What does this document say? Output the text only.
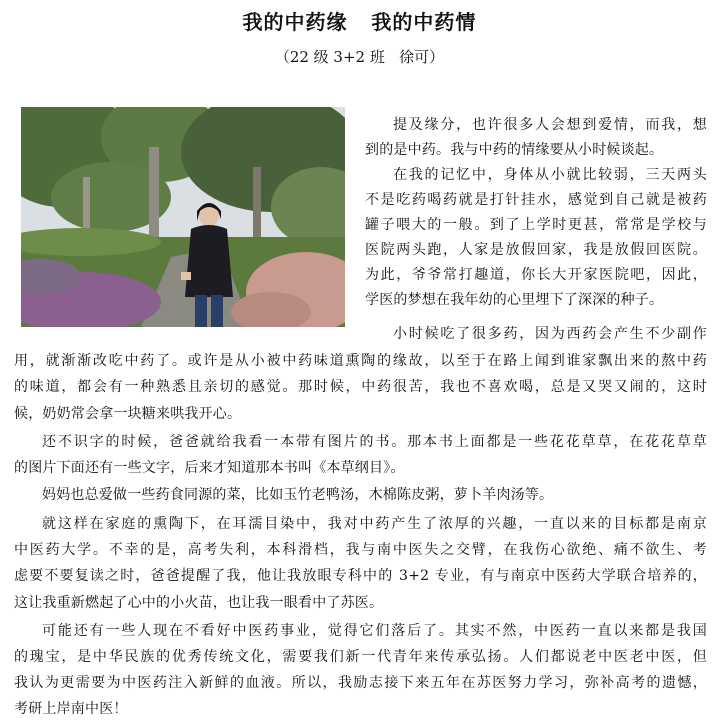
我的中药缘   我的中药情
（22 级 3+2 班   徐可）
提及缘分，也许很多人会想到爱情，而我，想
到的是中药。我与中药的情缘要从小时候谈起。
在我的记忆中，身体从小就比较弱，三天两头
不是吃药喝药就是打针挂水，感觉到自己就是被药
罐子喂大的一般。到了上学时更甚，常常是学校与
医院两头跑，人家是放假回家，我是放假回医院。
为此，爷爷常打趣道，你长大开家医院吧，因此，
学医的梦想在我年幼的心里埋下了深深的种子。
小时候吃了很多药，因为西药会产生不少副作
用，就渐渐改吃中药了。或许是从小被中药味道熏陶的缘故，以至于在路上闻到谁家飘出来的熬中药
的味道，都会有一种熟悉且亲切的感觉。那时候，中药很苦，我也不喜欢喝，总是又哭又闹的，这时
候，奶奶常会拿一块糖来哄我开心。
还不识字的时候，爸爸就给我看一本带有图片的书。那本书上面都是一些花花草草，在花花草草
的图片下面还有一些文字，后来才知道那本书叫《本草纲目》。
妈妈也总爱做一些药食同源的菜，比如玉竹老鸭汤，木棉陈皮粥，萝卜羊肉汤等。
就这样在家庭的熏陶下，在耳濡目染中，我对中药产生了浓厚的兴趣，一直以来的目标都是南京
中医药大学。不幸的是，高考失利，本科滑档，我与南中医失之交臂，在我伤心欲绝、痛不欲生、考
虑要不要复读之时，爸爸提醒了我，他让我放眼专科中的 3+2 专业，有与南京中医药大学联合培养的，
这让我重新燃起了心中的小火苗，也让我一眼看中了苏医。
可能还有一些人现在不看好中医药事业，觉得它们落后了。其实不然，中医药一直以来都是我国
的瑰宝，是中华民族的优秀传统文化，需要我们新一代青年来传承弘扬。人们都说老中医老中医，但
我认为更需要为中医药注入新鲜的血液。所以，我励志接下来五年在苏医努力学习，弥补高考的遗憾，
考研上岸南中医！
